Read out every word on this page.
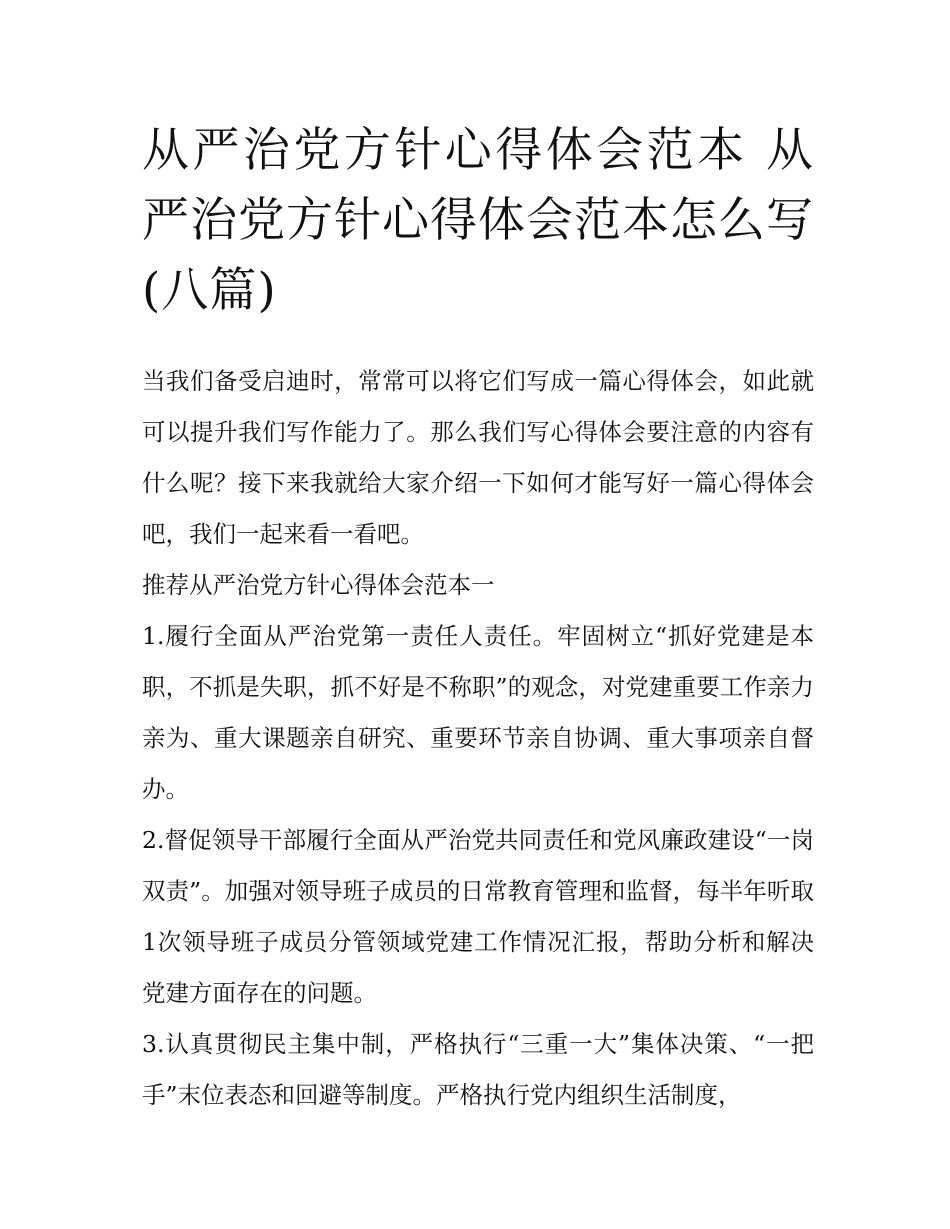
从严治党方针心得体会范本 从严治党方针心得体会范本怎么写(八篇)

当我们备受启迪时，常常可以将它们写成一篇心得体会，如此就可以提升我们写作能力了。那么我们写心得体会要注意的内容有什么呢？接下来我就给大家介绍一下如何才能写好一篇心得体会吧，我们一起来看一看吧。

推荐从严治党方针心得体会范本一

1.履行全面从严治党第一责任人责任。牢固树立“抓好党建是本职，不抓是失职，抓不好是不称职”的观念，对党建重要工作亲力亲为、重大课题亲自研究、重要环节亲自协调、重大事项亲自督办。

2.督促领导干部履行全面从严治党共同责任和党风廉政建设“一岗双责”。加强对领导班子成员的日常教育管理和监督，每半年听取1次领导班子成员分管领域党建工作情况汇报，帮助分析和解决党建方面存在的问题。

3.认真贯彻民主集中制，严格执行“三重一大”集体决策、“一把手”末位表态和回避等制度。严格执行党内组织生活制度，
